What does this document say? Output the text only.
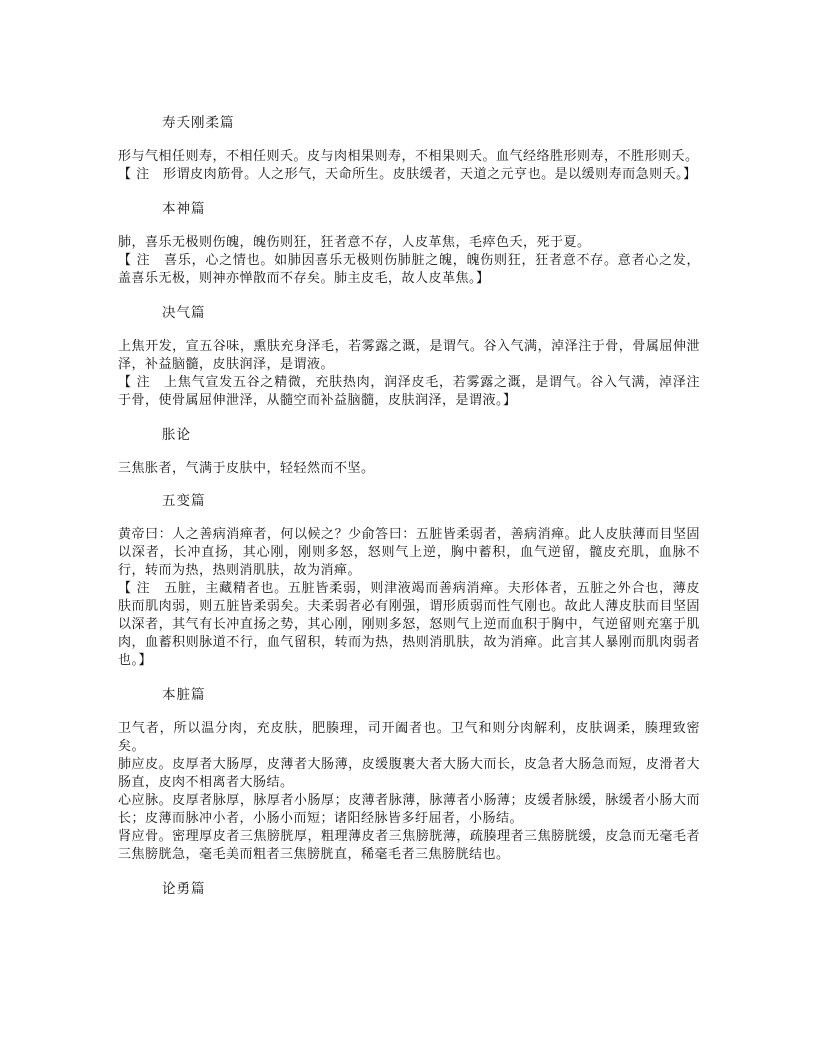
寿夭刚柔篇

形与气相任则寿，不相任则夭。皮与肉相果则寿，不相果则夭。血气经络胜形则寿，不胜形则夭。

【 注　形谓皮肉筋骨。人之形气，天命所生。皮肤缓者，天道之元亨也。是以缓则寿而急则夭。】

本神篇

肺，喜乐无极则伤魄，魄伤则狂，狂者意不存，人皮革焦，毛瘁色夭，死于夏。

【 注　喜乐，心之情也。如肺因喜乐无极则伤肺脏之魄，魄伤则狂，狂者意不存。意者心之发，盖喜乐无极，则神亦惮散而不存矣。肺主皮毛，故人皮革焦。】

决气篇

上焦开发，宣五谷味，熏肤充身泽毛，若雾露之溉，是谓气。谷入气满，淖泽注于骨，骨属屈伸泄泽，补益脑髓，皮肤润泽，是谓液。

【 注　上焦气宣发五谷之精微，充肤热肉，润泽皮毛，若雾露之溉，是谓气。谷入气满，淖泽注于骨，使骨属屈伸泄泽，从髓空而补益脑髓，皮肤润泽，是谓液。】

胀论

三焦胀者，气满于皮肤中，轻轻然而不坚。

五变篇

黄帝曰：人之善病消瘅者，何以候之？少俞答曰：五脏皆柔弱者，善病消瘅。此人皮肤薄而目坚固以深者，长冲直扬，其心刚，刚则多怒，怒则气上逆，胸中蓄积，血气逆留，髋皮充肌，血脉不行，转而为热，热则消肌肤，故为消瘅。

【 注　五脏，主藏精者也。五脏皆柔弱，则津液竭而善病消瘅。夫形体者，五脏之外合也，薄皮肤而肌肉弱，则五脏皆柔弱矣。夫柔弱者必有刚强，谓形质弱而性气刚也。故此人薄皮肤而目坚固以深者，其气有长冲直扬之势，其心刚，刚则多怒，怒则气上逆而血积于胸中，气逆留则充塞于肌肉，血蓄积则脉道不行，血气留积，转而为热，热则消肌肤，故为消瘅。此言其人暴刚而肌肉弱者也。】

本脏篇

卫气者，所以温分肉，充皮肤，肥腠理，司开阖者也。卫气和则分肉解利，皮肤调柔，腠理致密矣。

肺应皮。皮厚者大肠厚，皮薄者大肠薄，皮缓腹裹大者大肠大而长，皮急者大肠急而短，皮滑者大肠直，皮肉不相离者大肠结。

心应脉。皮厚者脉厚，脉厚者小肠厚；皮薄者脉薄，脉薄者小肠薄；皮缓者脉缓，脉缓者小肠大而长；皮薄而脉冲小者，小肠小而短；诸阳经脉皆多纡屈者，小肠结。

肾应骨。密理厚皮者三焦膀胱厚，粗理薄皮者三焦膀胱薄，疏腠理者三焦膀胱缓，皮急而无毫毛者三焦膀胱急，毫毛美而粗者三焦膀胱直，稀毫毛者三焦膀胱结也。

论勇篇
